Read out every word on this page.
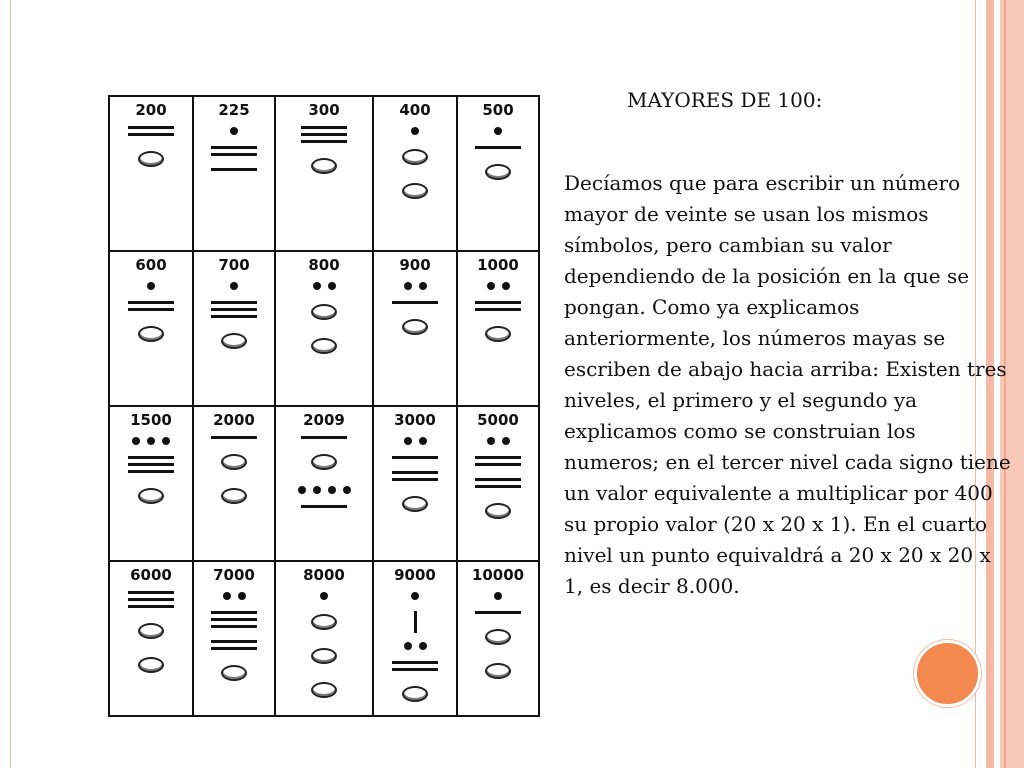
200	225	300	400	500

600	700	800	900	1000

1500	2000	2009	3000	5000

6000	7000	8000	9000	10000
MAYORES DE 100:

Decíamos que para escribir un número mayor de veinte se usan los mismos símbolos, pero cambian su valor dependiendo de la posición en la que se pongan. Como ya explicamos anteriormente, los números mayas se escriben de abajo hacia arriba: Existen tres niveles, el primero y el segundo ya explicamos como se construian los numeros; en el tercer nivel cada signo tiene un valor equivalente a multiplicar por 400 su propio valor (20 x 20 x 1). En el cuarto nivel un punto equivaldrá a 20 x 20 x 20 x 1, es decir 8.000.
